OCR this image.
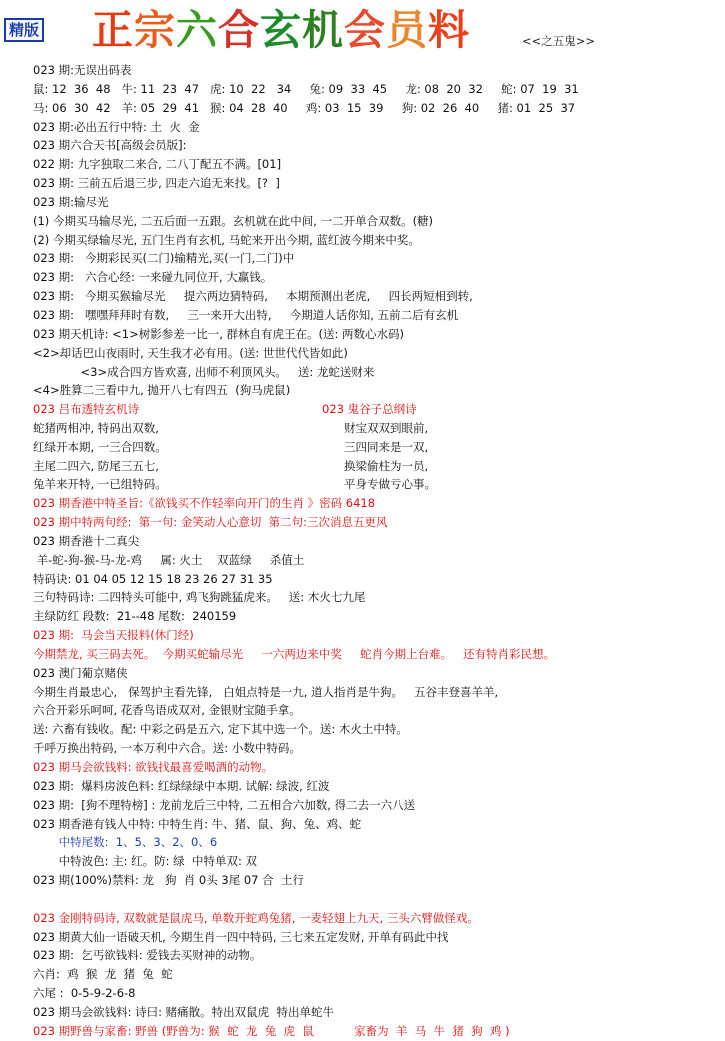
精版 正宗六合玄机会员料	<<之五鬼>>
023 期:无误出码表
鼠: 12  36  48   牛: 11  23  47   虎: 10  22   34     兔: 09  33  45     龙: 08  20  32     蛇: 07  19  31
马: 06  30  42   羊: 05  29  41   猴: 04  28  40     鸡: 03  15  39     狗: 02  26  40     猪: 01  25  37
023 期:必出五行中特: 土  火  金
023 期六合天书[高级会员版]:
022 期: 九字独取二来合, 二八丁配五不满。[01]
023 期: 三前五后退三步, 四走六追无来找。[?  ]
023 期:输尽光
(1) 今期买马输尽光, 二五后面一五跟。玄机就在此中间, 一二开单合双数。(糖)
(2) 今期买绿输尽光, 五门生肖有玄机, 马蛇来开出今期, 蓝红波今期来中奖。
023 期:   今期彩民买(二门)输精光,买(一门,二门)中
023 期:   六合心经: 一来碰九同位开, 大赢钱。
023 期:   今期买猴输尽光     提六两边猜特码,     本期预测出老虎,     四长两短相到转,
023 期:   嘿嘿拜拜时有数,     三一来开大出特,     今期道人话你知, 五前二后有玄机
023 期天机诗: <1>树影参差一比一, 群林自有虎王在。(送: 两数心水码)
<2>却话巴山夜雨时, 天生我才必有用。(送: 世世代代皆如此)
<3>成合四方皆欢喜, 出师不利顶风头。   送: 龙蛇送财来
<4>胜算二三看中九, 抛开八七有四五  (狗马虎鼠)
023 吕布透特玄机诗	023 鬼谷子总纲诗
蛇猪两相冲, 特码出双数,	财宝双双到眼前,
红绿开本期, 一三合四数。	三四同来是一双,
主尾二四六, 防尾三五七,	换梁偷柱为一员,
兔羊来开特, 一已组特码。	平身专做亏心事。
023 期香港中特圣旨:《欲钱买不作轻率向开门的生肖 》密码 6418
023 期中特两句经:  第一句: 金笑动人心意切  第二句:三次消息五更风
023 期香港十二真尖
羊-蛇-狗-猴-马-龙-鸡     属: 火土    双蓝绿     杀值土
特码诀: 01 04 05 12 15 18 23 26 27 31 35
三句特码诗: 二四特头可能中, 鸡飞狗跳猛虎来。   送: 木火七九尾
主绿防红 段数:  21--48 尾数:  240159
023 期:  马会当天报料(休门经)
今期禁龙, 买三码去死。  今期买蛇输尽光     一六两边来中奖     蛇肖今期上台难。   还有特肖彩民想。
023 澳门葡京赌侠
今期生肖最忠心,   保驾护主看先锋,   白姐点特是一九, 道人指肖是牛狗。   五谷丰登喜羊羊,
六合开彩乐呵呵, 花香鸟语成双对, 金银财宝随手拿。
送: 六畜有钱收。配: 中彩之码是五六, 定下其中选一个。送: 木火土中特。
千呼万换出特码, 一本万利中六合。送: 小数中特码。
023 期马会欲钱料: 欲钱找最喜爱喝酒的动物。
023 期:  爆料房波色料: 红绿绿绿中本期. 试解: 绿波, 红波
023 期:  [狗不理特榜] : 龙前龙后三中特, 二五相合六加数, 得二去一六八送
023 期香港有钱人中特: 中特生肖: 牛、猪、鼠、狗、兔、鸡、蛇
中特尾数:  1、5、3、2、0、6
中特波色: 主: 红。防: 绿  中特单双: 双
023 期(100%)禁料: 龙   狗  肖 0头 3尾 07 合  土行

023 金刚特码诗, 双数就是鼠虎马, 单数开蛇鸡兔猪, 一麦轻翅上九天, 三头六臂做怪戏。
023 期黄大仙一语破天机, 今期生肖一四中特码, 三七来五定发财, 开单有码此中找
023 期:  乞丐欲钱料: 爱钱去买财神的动物。
六肖:  鸡  猴  龙  猪  兔  蛇
六尾 :  0-5-9-2-6-8
023 期马会欲钱料: 诗曰: 赌痛散。特出双鼠虎  特出单蛇牛
023 期野兽与家畜: 野兽 (野兽为: 猴  蛇  龙  兔  虎  鼠           家畜为  羊  马  牛  猪  狗  鸡 )
